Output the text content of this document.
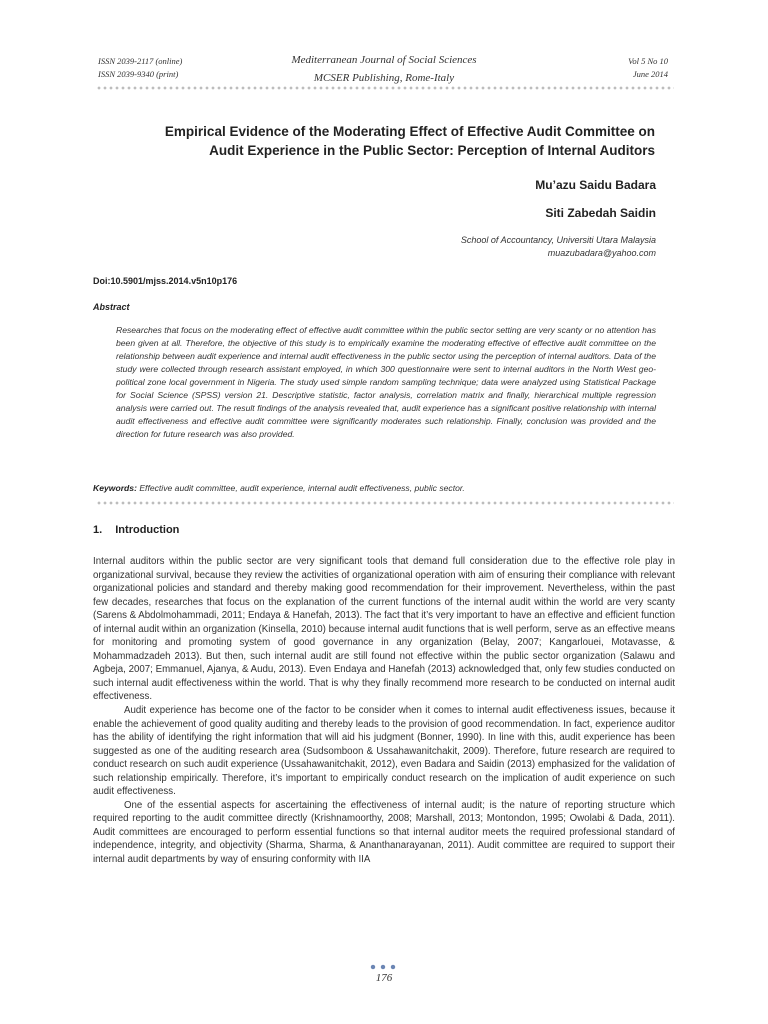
ISSN 2039-2117 (online)
ISSN 2039-9340 (print)
Mediterranean Journal of Social Sciences
MCSER Publishing, Rome-Italy
Vol 5 No 10
June 2014
Empirical Evidence of the Moderating Effect of Effective Audit Committee on
Audit Experience in the Public Sector: Perception of Internal Auditors
Mu’azu Saidu Badara
Siti Zabedah Saidin
School of Accountancy, Universiti Utara Malaysia
muazubadara@yahoo.com
Doi:10.5901/mjss.2014.v5n10p176
Abstract
Researches that focus on the moderating effect of effective audit committee within the public sector setting are very scanty or no attention has been given at all. Therefore, the objective of this study is to empirically examine the moderating effective of effective audit committee on the relationship between audit experience and internal audit effectiveness in the public sector using the perception of internal auditors. Data of the study were collected through research assistant employed, in which 300 questionnaire were sent to internal auditors in the North West geo-political zone local government in Nigeria. The study used simple random sampling technique; data were analyzed using Statistical Package for Social Science (SPSS) version 21. Descriptive statistic, factor analysis, correlation matrix and finally, hierarchical multiple regression analysis were carried out. The result findings of the analysis revealed that, audit experience has a significant positive relationship with internal audit effectiveness and effective audit committee were significantly moderates such relationship. Finally, conclusion was provided and the direction for future research was also provided.
Keywords: Effective audit committee, audit experience, internal audit effectiveness, public sector.
1. Introduction

Internal auditors within the public sector are very significant tools that demand full consideration due to the effective role play in organizational survival, because they review the activities of organizational operation with aim of ensuring their compliance with relevant organizational policies and standard and thereby making good recommendation for their improvement. Nevertheless, within the past few decades, researches that focus on the explanation of the current functions of the internal audit within the world are very scanty (Sarens & Abdolmohammadi, 2011; Endaya & Hanefah, 2013). The fact that it’s very important to have an effective and efficient function of internal audit within an organization (Kinsella, 2010) because internal audit functions that is well perform, serve as an effective means for monitoring and promoting system of good governance in any organization (Belay, 2007; Kangarlouei, Motavasse, & Mohammadzadeh 2013). But then, such internal audit are still found not effective within the public sector organization (Salawu and Agbeja, 2007; Emmanuel, Ajanya, & Audu, 2013). Even Endaya and Hanefah (2013) acknowledged that, only few studies conducted on such internal audit effectiveness within the world. That is why they finally recommend more research to be conducted on internal audit effectiveness.

Audit experience has become one of the factor to be consider when it comes to internal audit effectiveness issues, because it enable the achievement of good quality auditing and thereby leads to the provision of good recommendation. In fact, experience auditor has the ability of identifying the right information that will aid his judgment (Bonner, 1990). In line with this, audit experience has been suggested as one of the auditing research area (Sudsomboon & Ussahawanitchakit, 2009). Therefore, future research are required to conduct research on such audit experience (Ussahawanitchakit, 2012), even Badara and Saidin (2013) emphasized for the validation of such relationship empirically. Therefore, it’s important to empirically conduct research on the implication of audit experience on such audit effectiveness.

One of the essential aspects for ascertaining the effectiveness of internal audit; is the nature of reporting structure which required reporting to the audit committee directly (Krishnamoorthy, 2008; Marshall, 2013; Montondon, 1995; Owolabi & Dada, 2011). Audit committees are encouraged to perform essential functions so that internal auditor meets the required professional standard of independence, integrity, and objectivity (Sharma, Sharma, & Ananthanarayanan, 2011). Audit committee are required to support their internal audit departments by way of ensuring conformity with IIA

176
